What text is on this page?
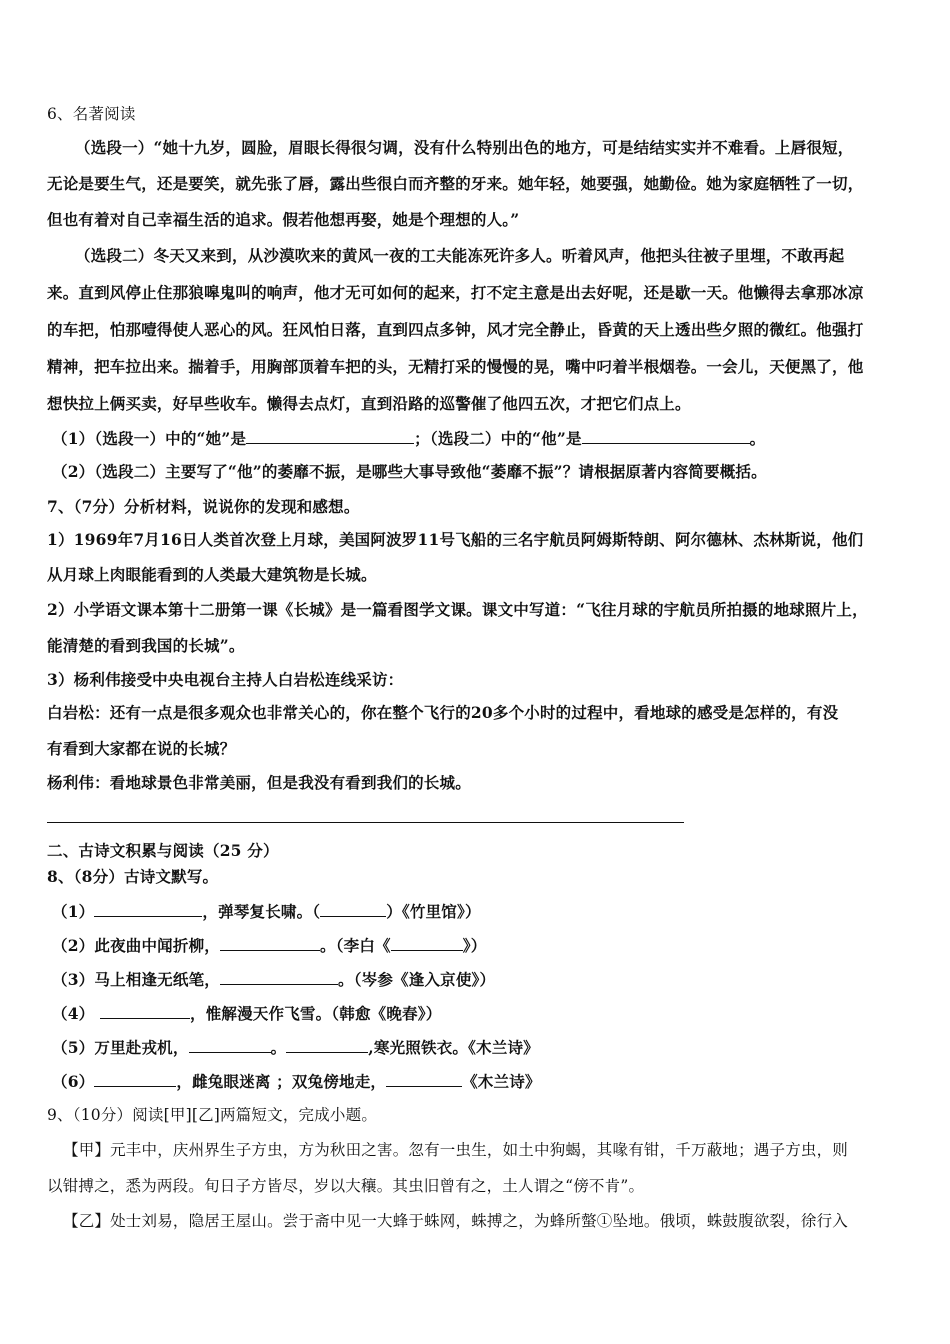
6、名著阅读
（选段一）“她十九岁，圆脸，眉眼长得很匀调，没有什么特别出色的地方，可是结结实实并不难看。上唇很短，
无论是要生气，还是要笑，就先张了唇，露出些很白而齐整的牙来。她年轻，她要强，她勤俭。她为家庭牺牲了一切，
但也有着对自己幸福生活的追求。假若他想再娶，她是个理想的人。”
（选段二）冬天又来到，从沙漠吹来的黄风一夜的工夫能冻死许多人。听着风声，他把头往被子里埋，不敢再起
来。直到风停止住那狼嗥鬼叫的响声，他才无可如何的起来，打不定主意是出去好呢，还是歇一天。他懒得去拿那冰凉
的车把，怕那噎得使人恶心的风。狂风怕日落，直到四点多钟，风才完全静止，昏黄的天上透出些夕照的微红。他强打
精神，把车拉出来。揣着手，用胸部顶着车把的头，无精打采的慢慢的晃，嘴中叼着半根烟卷。一会儿，天便黑了，他
想快拉上俩买卖，好早些收车。懒得去点灯，直到沿路的巡警催了他四五次，才把它们点上。
（1）（选段一）中的“她”是	；（选段二）中的“他”是	。
（2）（选段二）主要写了“他”的萎靡不振，是哪些大事导致他“萎靡不振”？请根据原著内容简要概括。
7、（7分）分析材料，说说你的发现和感想。
1）1969年7月16日人类首次登上月球，美国阿波罗11号飞船的三名宇航员阿姆斯特朗、阿尔德林、杰林斯说，他们
从月球上肉眼能看到的人类最大建筑物是长城。
2）小学语文课本第十二册第一课《长城》是一篇看图学文课。课文中写道：“飞往月球的宇航员所拍摄的地球照片上，
能清楚的看到我国的长城”。
3）杨利伟接受中央电视台主持人白岩松连线采访：
白岩松：还有一点是很多观众也非常关心的，你在整个飞行的20多个小时的过程中，看地球的感受是怎样的，有没
有看到大家都在说的长城？
杨利伟：看地球景色非常美丽，但是我没有看到我们的长城。
二、古诗文积累与阅读（25 分）
8、（8分）古诗文默写。
（1）	，弹琴复长啸。（	）《竹里馆》）
（2）此夜曲中闻折柳，	。（李白《	》）
（3）马上相逢无纸笔，	。（岑参《逢入京使》）
（4）	，惟解漫天作飞雪。（韩愈《晚春》）
（5）万里赴戎机，	。	,寒光照铁衣。《木兰诗》
（6）	，雌兔眼迷离 ；双兔傍地走，	《木兰诗》
9、（10分）阅读[甲][乙]两篇短文，完成小题。
【甲】元丰中，庆州界生子方虫，方为秋田之害。忽有一虫生，如土中狗蝎，其喙有钳，千万蔽地；遇子方虫，则
以钳搏之，悉为两段。旬日子方皆尽，岁以大穰。其虫旧曾有之，土人谓之“傍不肯”。
【乙】处士刘易，隐居王屋山。尝于斋中见一大蜂于蛛网，蛛搏之，为蜂所螫①坠地。俄顷，蛛鼓腹欲裂，徐行入
